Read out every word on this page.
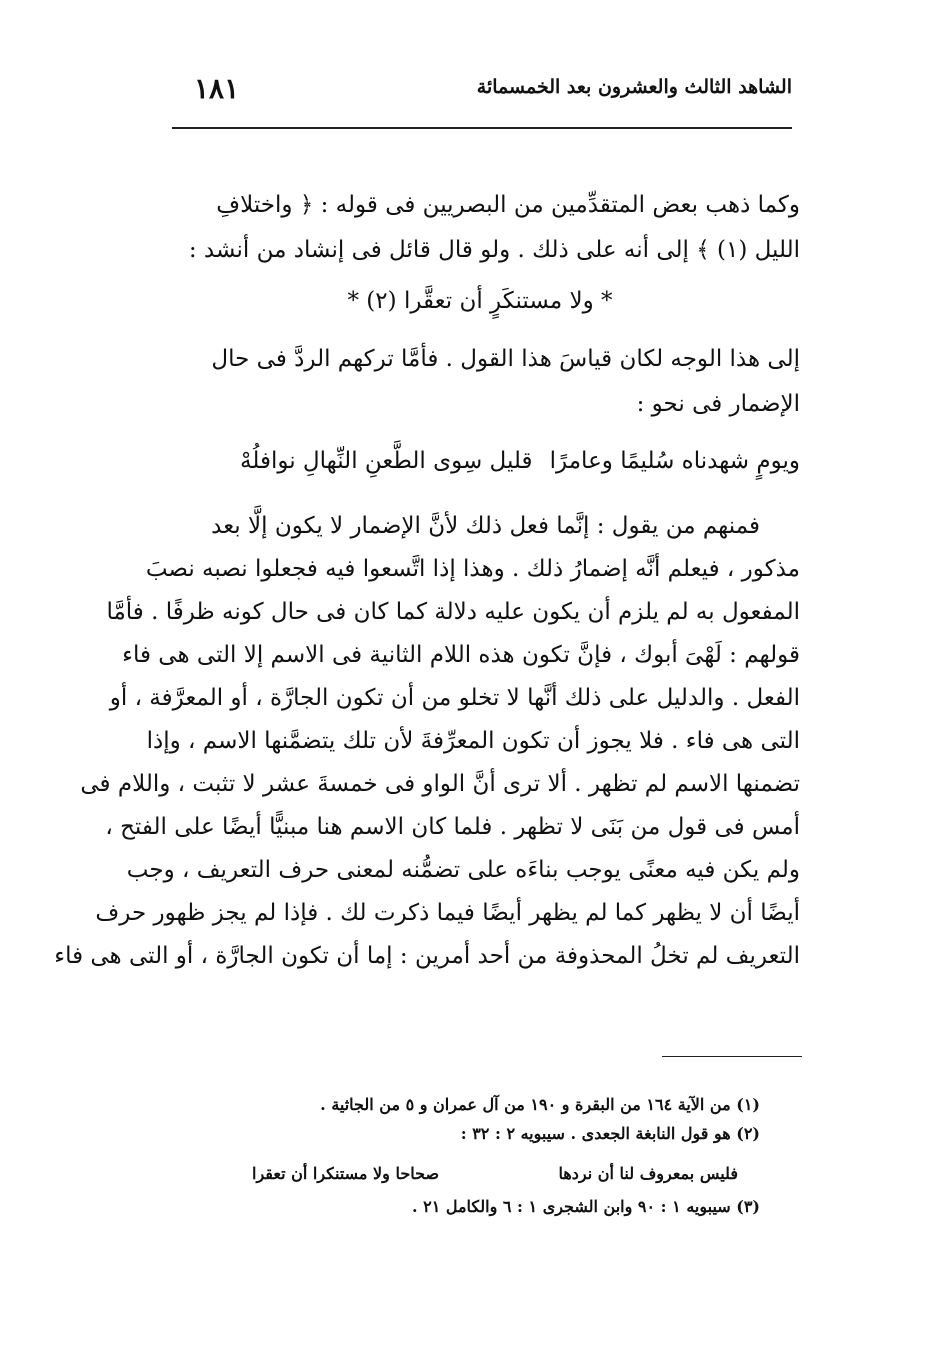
الشاهد الثالث والعشرون بعد الخمسمائة
١٨١
وكما ذهب بعض المتقدِّمين من البصريين فى قوله : ﴿ واختلافِ
الليل (١) ﴾ إلى أنه على ذلك . ولو قال قائل فى إنشاد من أنشد :
* ولا مستنكَرٍ أن تعقَّرا (٢) *
إلى هذا الوجه لكان قياسَ هذا القول . فأمَّا تركهم الردَّ فى حال
الإضمار فى نحو :
ويومٍ شهدناه سُليمًا وعامرًا
قليل سِوى الطَّعنِ النِّهالِ نوافلُهْ
فمنهم من يقول : إنَّما فعل ذلك لأنَّ الإضمار لا يكون إلَّا بعد
مذكور ، فيعلم أنَّه إضمارُ ذلك . وهذا إذا اتَّسعوا فيه فجعلوا نصبه نصبَ
المفعول به لم يلزم أن يكون عليه دلالة كما كان فى حال كونه ظرفًا . فأمَّا
قولهم : لَهْىَ أبوك ، فإنَّ تكون هذه اللام الثانية فى الاسم إلا التى هى فاء
الفعل . والدليل على ذلك أنَّها لا تخلو من أن تكون الجارَّة ، أو المعرَّفة ، أو
التى هى فاء . فلا يجوز أن تكون المعرِّفةَ لأن تلك يتضمَّنها الاسم ، وإذا
تضمنها الاسم لم تظهر . ألا ترى أنَّ الواو فى خمسةَ عشر لا تثبت ، واللام فى
أمس فى قول من بَنَى لا تظهر . فلما كان الاسم هنا مبنيًّا أيضًا على الفتح ،
ولم يكن فيه معنًى يوجب بناءَه على تضمُّنه لمعنى حرف التعريف ، وجب
أيضًا أن لا يظهر كما لم يظهر أيضًا فيما ذكرت لك . فإذا لم يجز ظهور حرف
التعريف لم تخلُ المحذوفة من أحد أمرين : إما أن تكون الجارَّة ، أو التى هى فاء
(١) من الآية ١٦٤ من البقرة و ١٩٠ من آل عمران و ٥ من الجاثية .
(٢) هو قول النابغة الجعدى . سيبويه ٢ : ٣٢ :
فليس بمعروف لنا أن نردها
صحاحا ولا مستنكرا أن تعقرا
(٣) سيبويه ١ : ٩٠ وابن الشجرى ١ : ٦ والكامل ٢١ .
